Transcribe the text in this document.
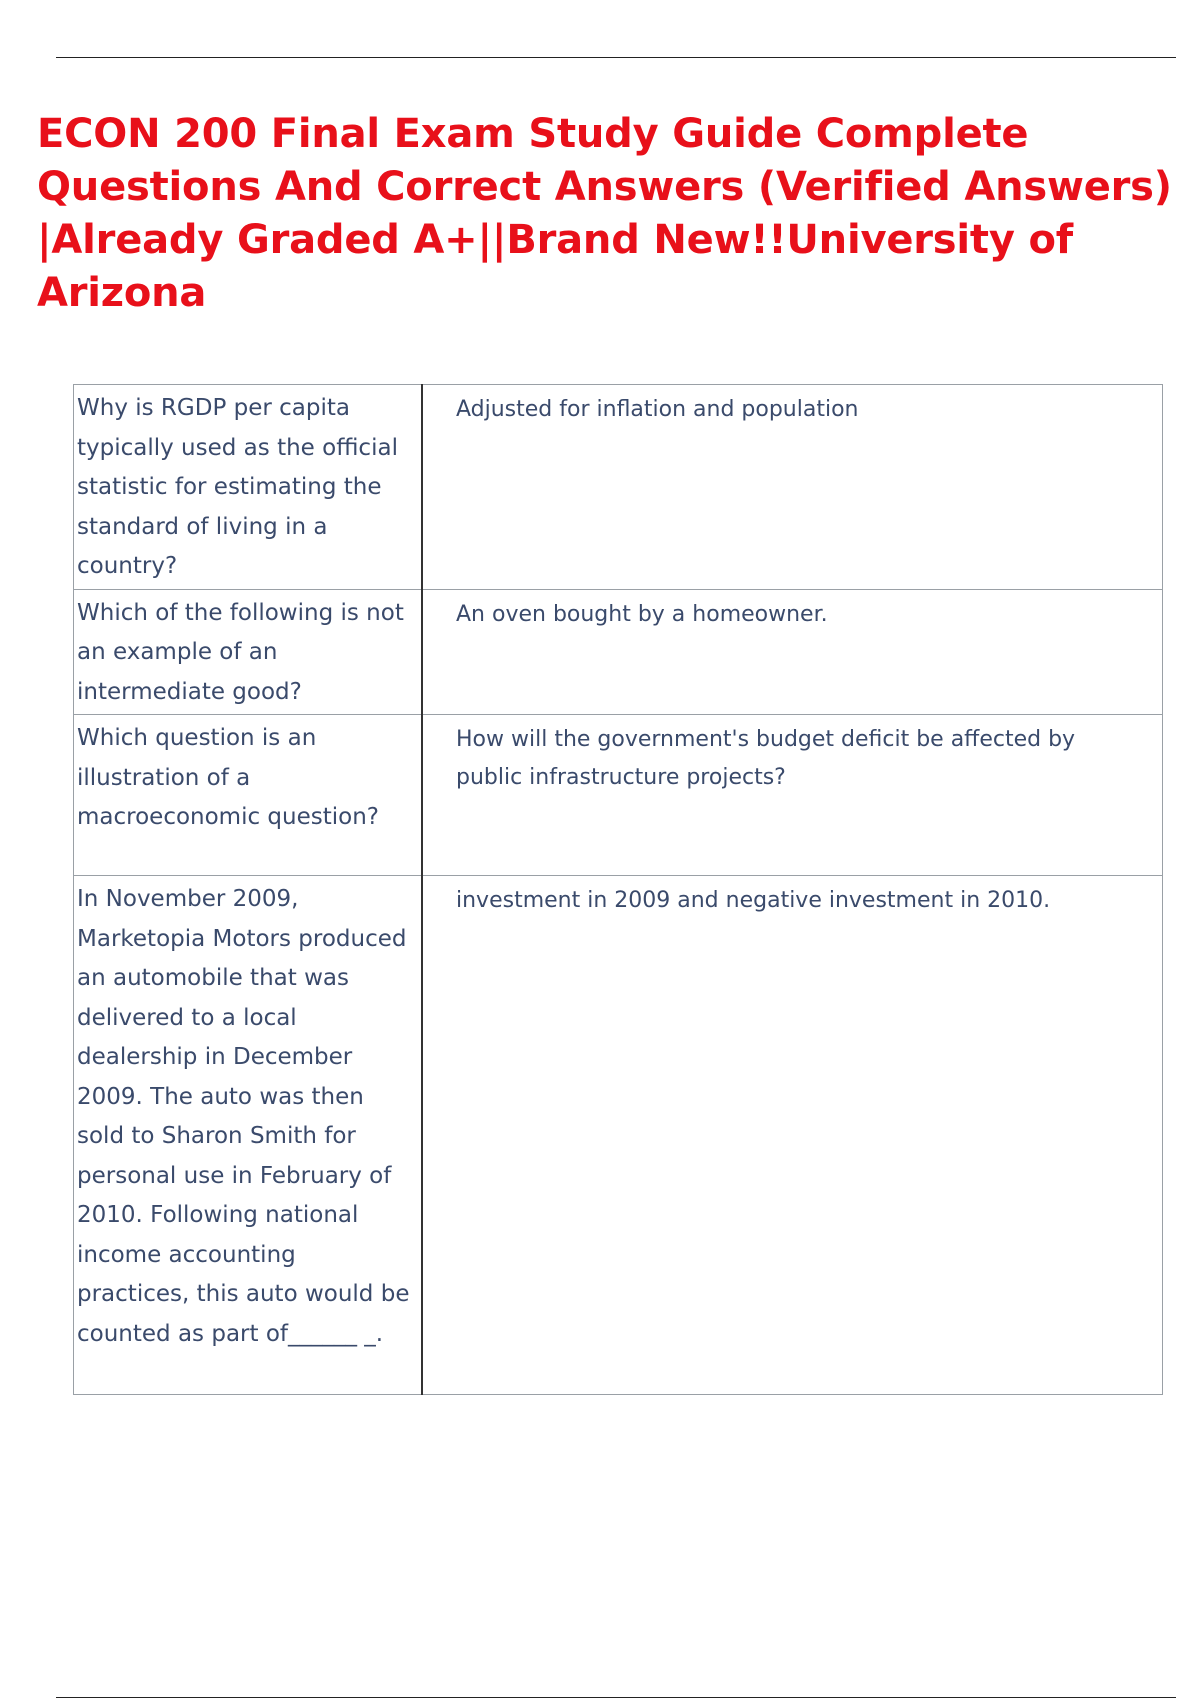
ECON 200 Final Exam Study Guide Complete Questions And Correct Answers (Verified Answers) |Already Graded A+||Brand New!!University of Arizona
Why is RGDP per capita typically used as the official statistic for estimating the standard of living in a country?	Adjusted for inflation and population
Which of the following is not an example of an intermediate good?	An oven bought by a homeowner.
Which question is an illustration of a macroeconomic question?	How will the government's budget deficit be affected by public infrastructure projects?
In November 2009, Marketopia Motors produced an automobile that was delivered to a local dealership in December 2009. The auto was then sold to Sharon Smith for personal use in February of 2010. Following national income accounting practices, this auto would be counted as part of______ _.	investment in 2009 and negative investment in 2010.
